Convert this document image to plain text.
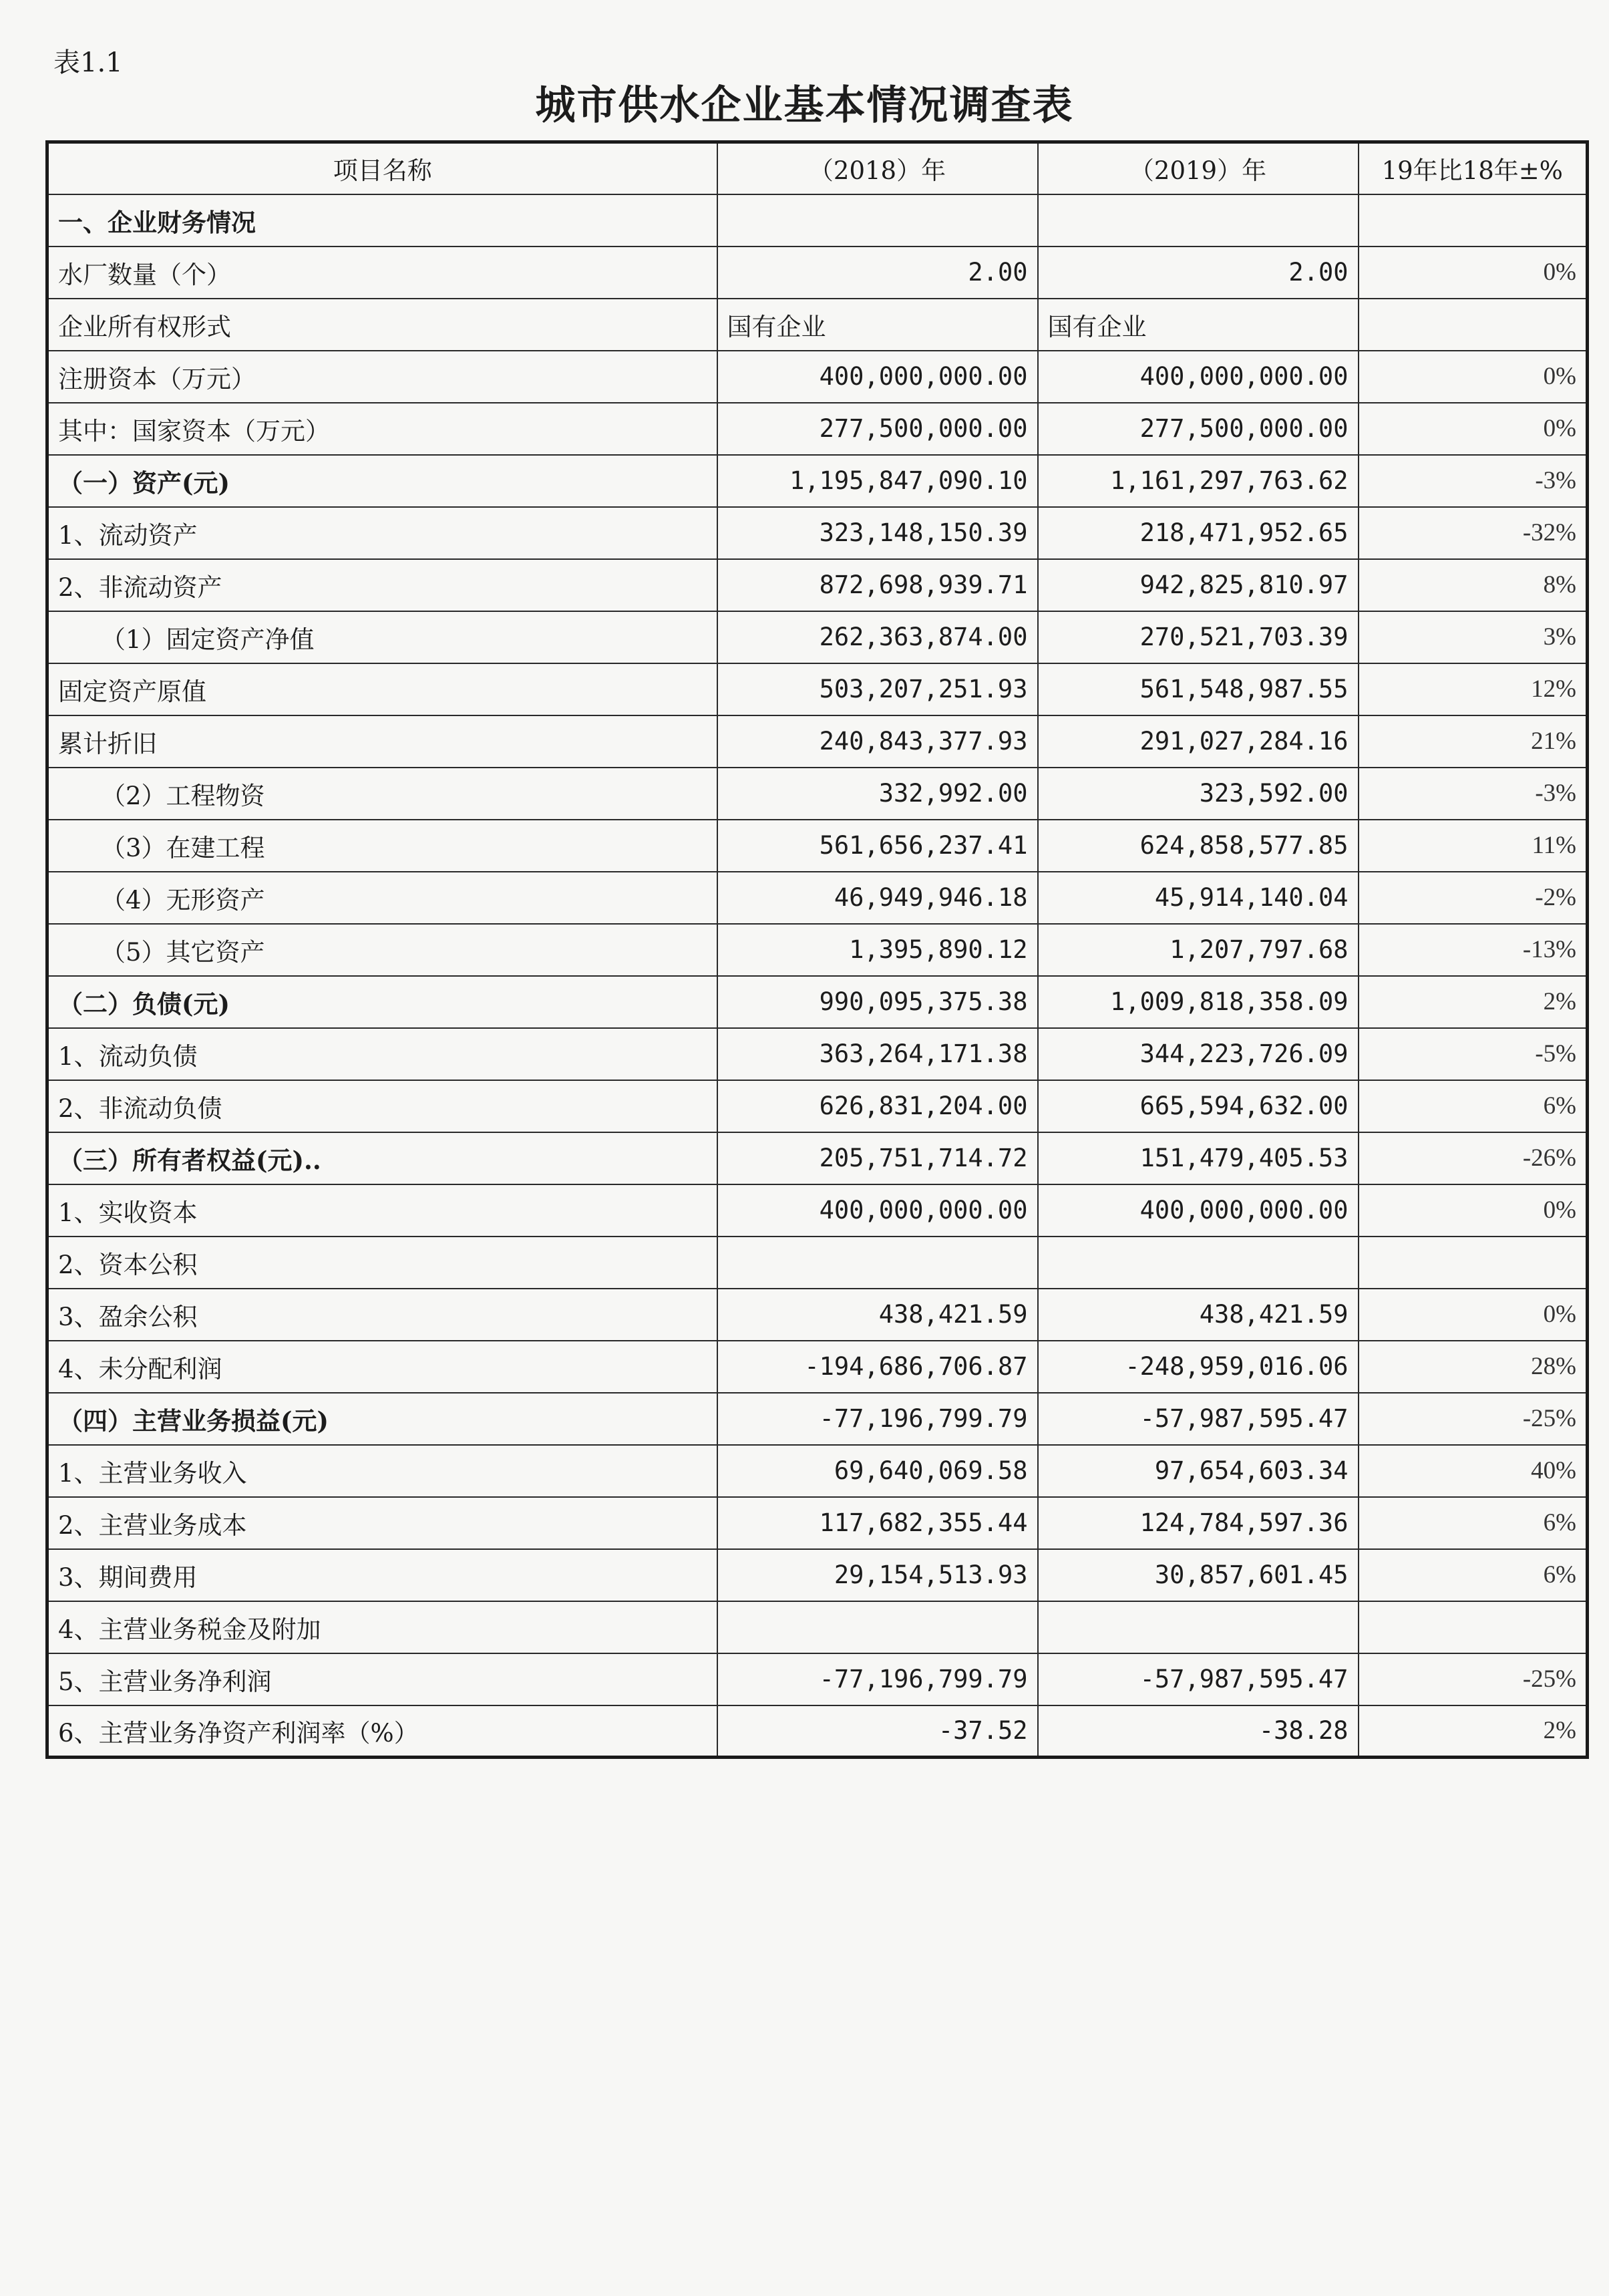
表1.1
城市供水企业基本情况调查表
项目名称	（2018）年	（2019）年	19年比18年±%
一、企业财务情况			
水厂数量（个）	2.00	2.00	0%
企业所有权形式	国有企业	国有企业	
注册资本（万元）	400,000,000.00	400,000,000.00	0%
其中：国家资本（万元）	277,500,000.00	277,500,000.00	0%
（一）资产(元)	1,195,847,090.10	1,161,297,763.62	-3%
1、流动资产	323,148,150.39	218,471,952.65	-32%
2、非流动资产	872,698,939.71	942,825,810.97	8%
（1）固定资产净值	262,363,874.00	270,521,703.39	3%
固定资产原值	503,207,251.93	561,548,987.55	12%
累计折旧	240,843,377.93	291,027,284.16	21%
（2）工程物资	332,992.00	323,592.00	-3%
（3）在建工程	561,656,237.41	624,858,577.85	11%
（4）无形资产	46,949,946.18	45,914,140.04	-2%
（5）其它资产	1,395,890.12	1,207,797.68	-13%
（二）负债(元)	990,095,375.38	1,009,818,358.09	2%
1、流动负债	363,264,171.38	344,223,726.09	-5%
2、非流动负债	626,831,204.00	665,594,632.00	6%
（三）所有者权益(元)..	205,751,714.72	151,479,405.53	-26%
1、实收资本	400,000,000.00	400,000,000.00	0%
2、资本公积			
3、盈余公积	438,421.59	438,421.59	0%
4、未分配利润	-194,686,706.87	-248,959,016.06	28%
（四）主营业务损益(元)	-77,196,799.79	-57,987,595.47	-25%
1、主营业务收入	69,640,069.58	97,654,603.34	40%
2、主营业务成本	117,682,355.44	124,784,597.36	6%
3、期间费用	29,154,513.93	30,857,601.45	6%
4、主营业务税金及附加			
5、主营业务净利润	-77,196,799.79	-57,987,595.47	-25%
6、主营业务净资产利润率（%）	-37.52	-38.28	2%
